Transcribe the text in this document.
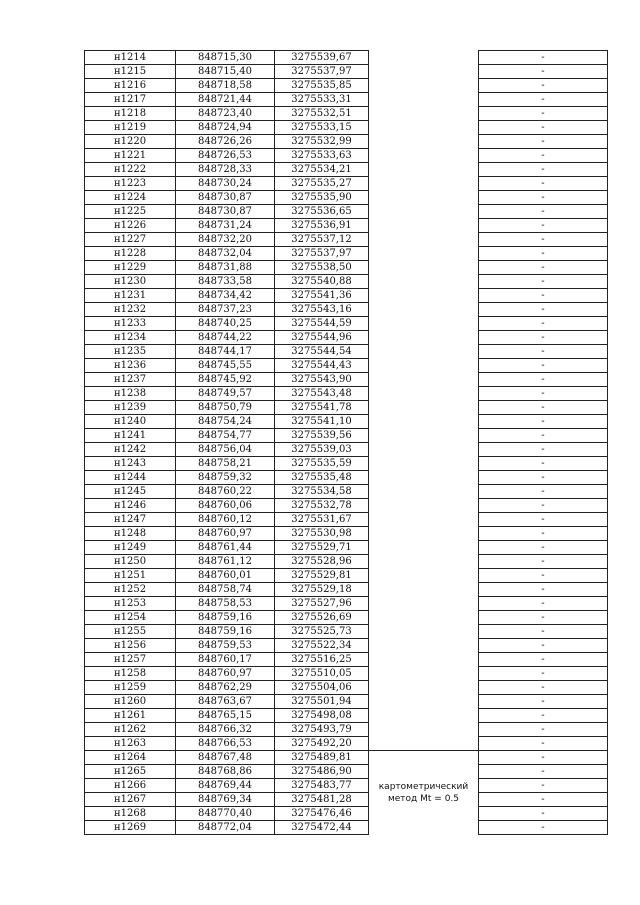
н1214	848715,30	3275539,67		-
н1215	848715,40	3275537,97		-
н1216	848718,58	3275535,85		-
н1217	848721,44	3275533,31		-
н1218	848723,40	3275532,51		-
н1219	848724,94	3275533,15		-
н1220	848726,26	3275532,99		-
н1221	848726,53	3275533,63		-
н1222	848728,33	3275534,21		-
н1223	848730,24	3275535,27		-
н1224	848730,87	3275535,90		-
н1225	848730,87	3275536,65		-
н1226	848731,24	3275536,91		-
н1227	848732,20	3275537,12		-
н1228	848732,04	3275537,97		-
н1229	848731,88	3275538,50		-
н1230	848733,58	3275540,88		-
н1231	848734,42	3275541,36		-
н1232	848737,23	3275543,16		-
н1233	848740,25	3275544,59		-
н1234	848744,22	3275544,96		-
н1235	848744,17	3275544,54		-
н1236	848745,55	3275544,43		-
н1237	848745,92	3275543,90		-
н1238	848749,57	3275543,48		-
н1239	848750,79	3275541,78		-
н1240	848754,24	3275541,10		-
н1241	848754,77	3275539,56		-
н1242	848756,04	3275539,03		-
н1243	848758,21	3275535,59		-
н1244	848759,32	3275535,48		-
н1245	848760,22	3275534,58		-
н1246	848760,06	3275532,78		-
н1247	848760,12	3275531,67		-
н1248	848760,97	3275530,98		-
н1249	848761,44	3275529,71		-
н1250	848761,12	3275528,96		-
н1251	848760,01	3275529,81		-
н1252	848758,74	3275529,18		-
н1253	848758,53	3275527,96		-
н1254	848759,16	3275526,69		-
н1255	848759,16	3275525,73		-
н1256	848759,53	3275522,34		-
н1257	848760,17	3275516,25		-
н1258	848760,97	3275510,05		-
н1259	848762,29	3275504,06		-
н1260	848763,67	3275501,94		-
н1261	848765,15	3275498,08		-
н1262	848766,32	3275493,79		-
н1263	848766,53	3275492,20		-
н1264	848767,48	3275489,81	картометрический метод Mt = 0.5	-
н1265	848768,86	3275486,90		-
н1266	848769,44	3275483,77		-
н1267	848769,34	3275481,28		-
н1268	848770,40	3275476,46		-
н1269	848772,04	3275472,44		-
